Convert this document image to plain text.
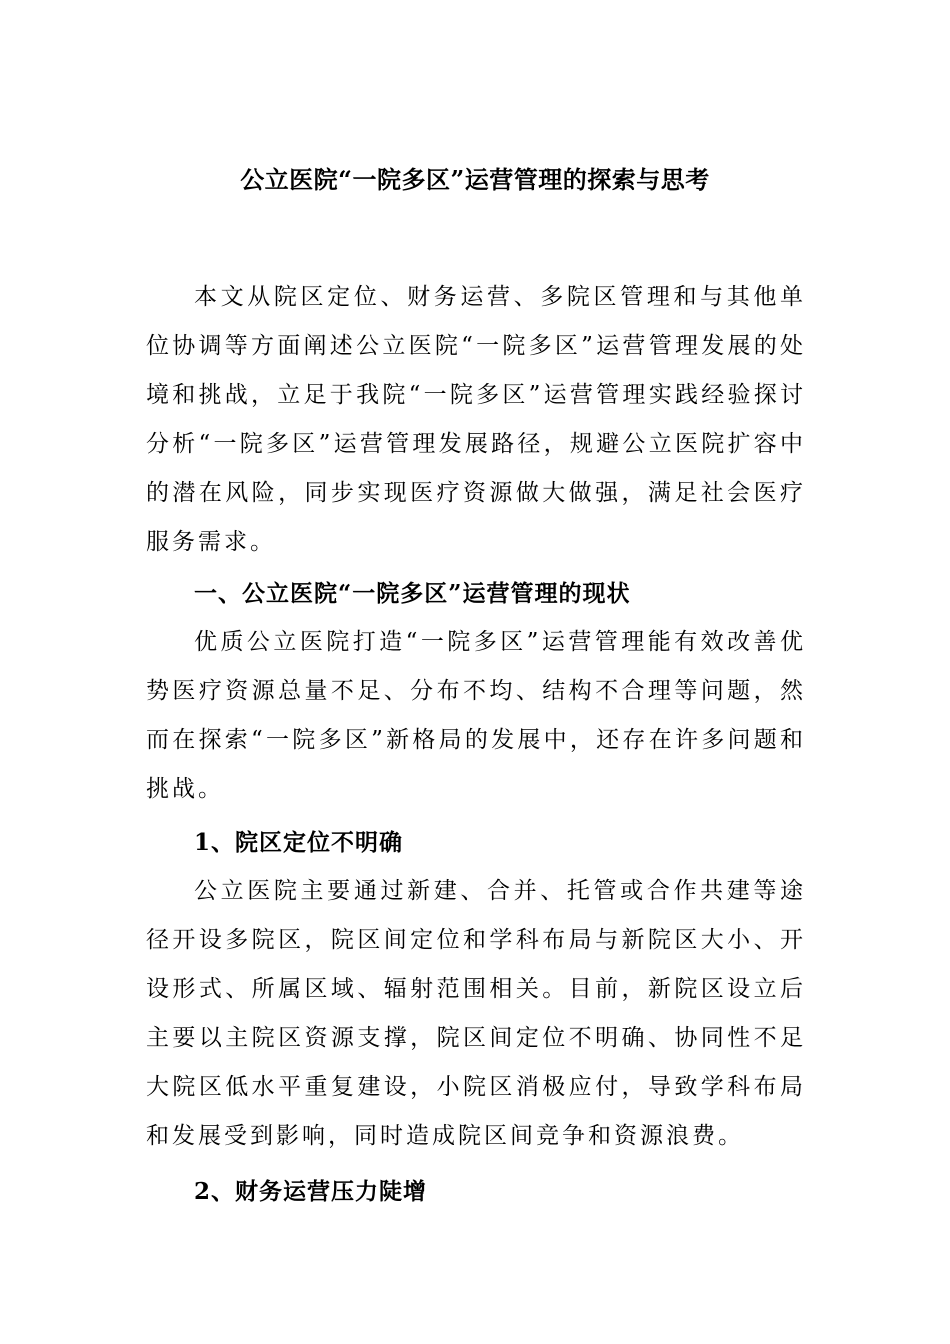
公立医院“一院多区”运营管理的探索与思考

本文从院区定位、财务运营、多院区管理和与其他单位协调等方面阐述公立医院“一院多区”运营管理发展的处境和挑战，立足于我院“一院多区”运营管理实践经验探讨分析“一院多区”运营管理发展路径，规避公立医院扩容中的潜在风险，同步实现医疗资源做大做强，满足社会医疗服务需求。

一、公立医院“一院多区”运营管理的现状

优质公立医院打造“一院多区”运营管理能有效改善优势医疗资源总量不足、分布不均、结构不合理等问题，然而在探索“一院多区”新格局的发展中，还存在许多问题和挑战。

1、院区定位不明确

公立医院主要通过新建、合并、托管或合作共建等途径开设多院区，院区间定位和学科布局与新院区大小、开设形式、所属区域、辐射范围相关。目前，新院区设立后主要以主院区资源支撑，院区间定位不明确、协同性不足大院区低水平重复建设，小院区消极应付，导致学科布局和发展受到影响，同时造成院区间竞争和资源浪费。

2、财务运营压力陡增
